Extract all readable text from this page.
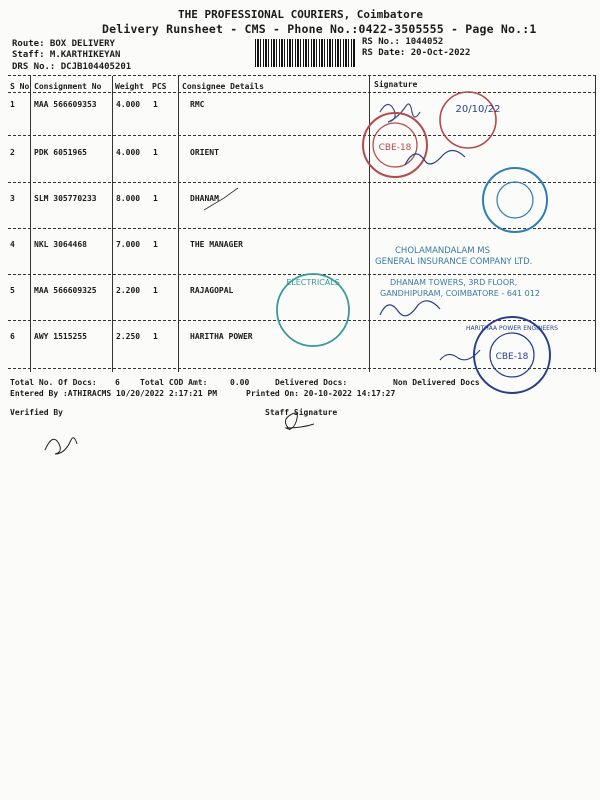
THE PROFESSIONAL COURIERS, Coimbatore
Delivery Runsheet - CMS - Phone No.:0422-3505555 - Page No.:1
Route: BOX DELIVERY
Staff: M.KARTHIKEYAN
DRS No.: DCJB104405201
RS No.: 1044052
RS Date: 20-Oct-2022
S No Consignment No Weight PCS Consignee Details	Signature
1 MAA 566609353 4.000 1	RMC
2 PDK 6051965	4.000 1	ORIENT
3 SLM 305770233 8.000 1	DHANAM
4 NKL 3064468	7.000 1	THE MANAGER
5 MAA 566609325 2.200 1	RAJAGOPAL
6 AWY 1515255	2.250 1	HARITHA POWER
Total No. Of Docs: 6	Total COD Amt:	0.00	Delivered Docs:	Non Delivered Docs
Entered By :ATHIRACMS 10/20/2022 2:17:21 PM	Printed On: 20-10-2022 14:17:27
Verified By	Staff Signature
CBE-18
20/10/22
CHOLAMANDALAM MS
GENERAL INSURANCE COMPANY LTD.
DHANAM TOWERS, 3RD FLOOR,
GANDHIPURAM, COIMBATORE - 641 012
ELECTRICALS
CBE-18
HARITHAA POWER ENGINEERS
